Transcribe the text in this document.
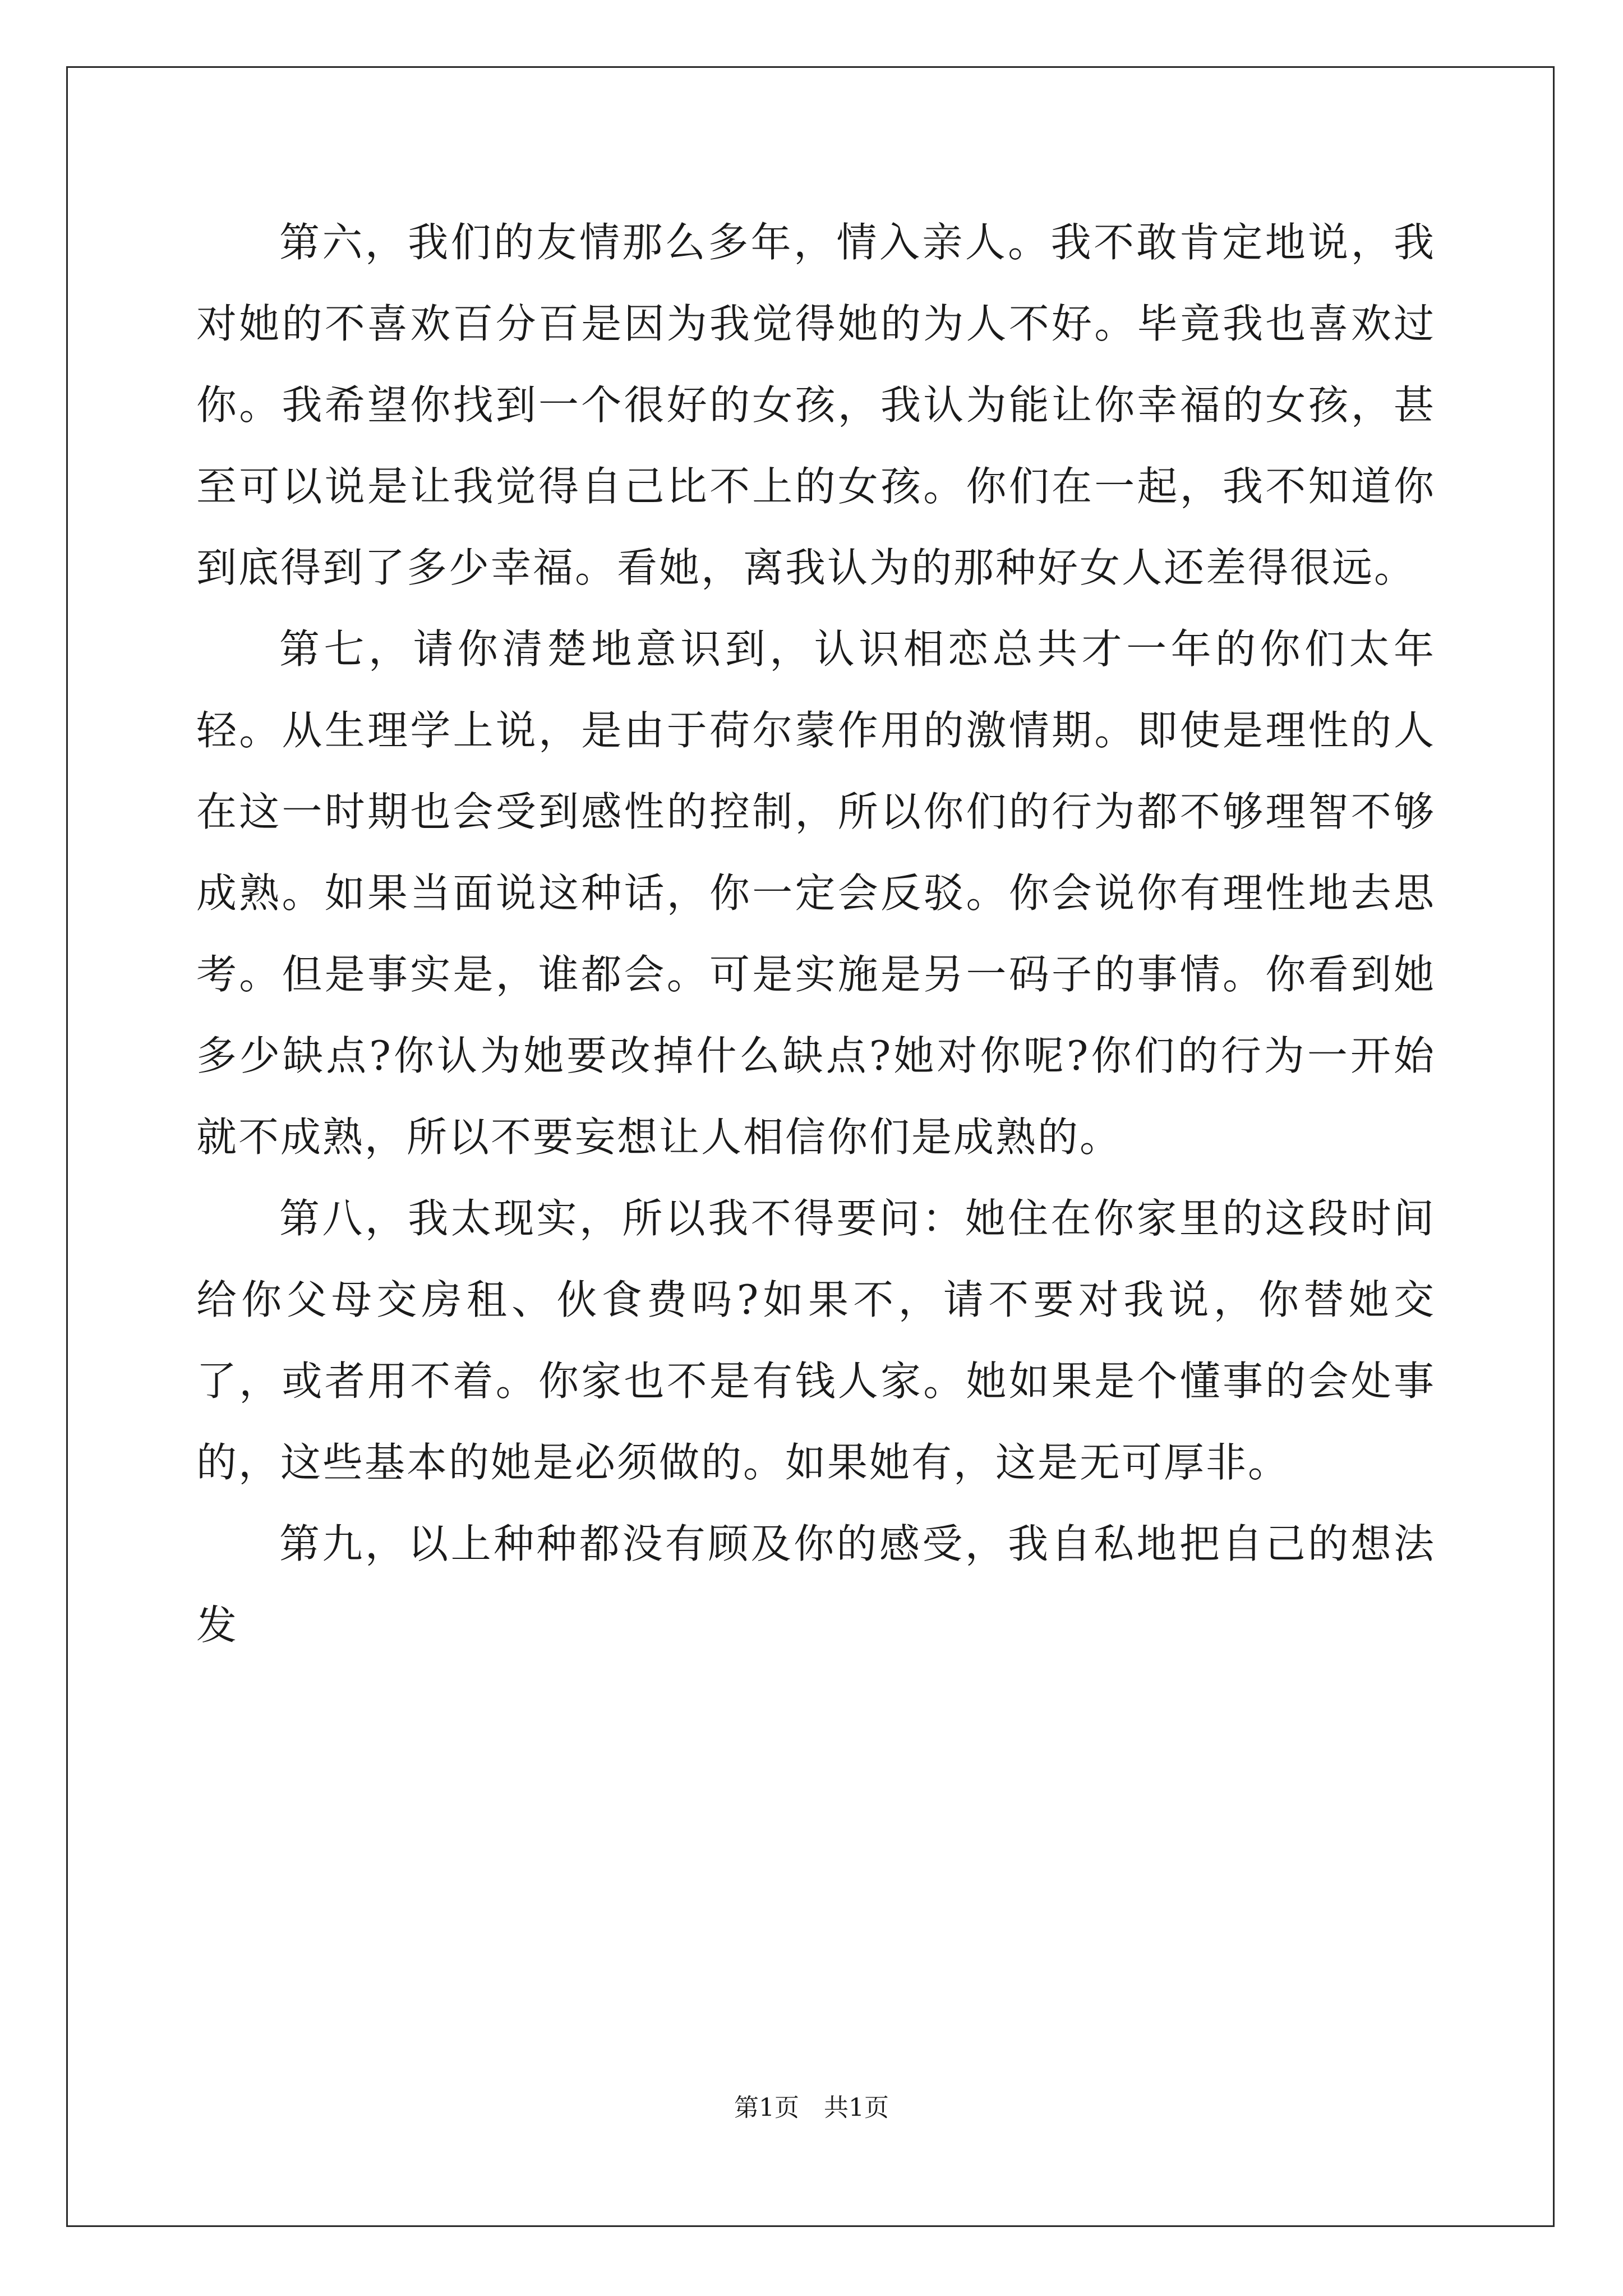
第六，我们的友情那么多年，情入亲人。我不敢肯定地说，我对她的不喜欢百分百是因为我觉得她的为人不好。毕竟我也喜欢过你。我希望你找到一个很好的女孩，我认为能让你幸福的女孩，甚至可以说是让我觉得自己比不上的女孩。你们在一起，我不知道你到底得到了多少幸福。看她，离我认为的那种好女人还差得很远。

第七，请你清楚地意识到，认识相恋总共才一年的你们太年轻。从生理学上说，是由于荷尔蒙作用的激情期。即使是理性的人在这一时期也会受到感性的控制，所以你们的行为都不够理智不够成熟。如果当面说这种话，你一定会反驳。你会说你有理性地去思考。但是事实是，谁都会。可是实施是另一码子的事情。你看到她多少缺点?你认为她要改掉什么缺点?她对你呢?你们的行为一开始就不成熟，所以不要妄想让人相信你们是成熟的。

第八，我太现实，所以我不得要问：她住在你家里的这段时间给你父母交房租、伙食费吗?如果不，请不要对我说，你替她交了，或者用不着。你家也不是有钱人家。她如果是个懂事的会处事的，这些基本的她是必须做的。如果她有，这是无可厚非。

第九，以上种种都没有顾及你的感受，我自私地把自己的想法发

第1页 共1页
